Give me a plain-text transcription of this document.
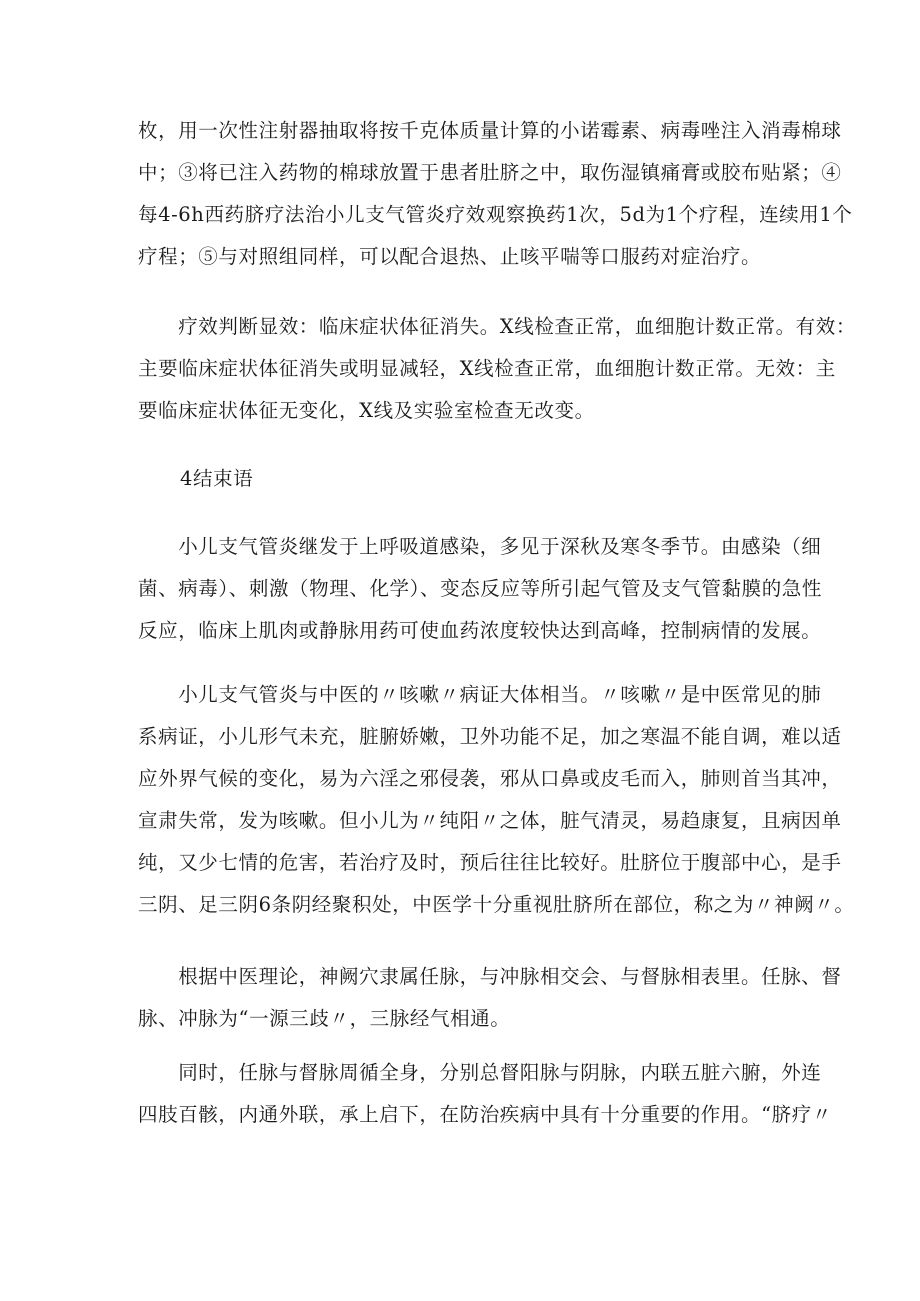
枚，用一次性注射器抽取将按千克体质量计算的小诺霉素、病毒唑注入消毒棉球
中；③将已注入药物的棉球放置于患者肚脐之中，取伤湿镇痛膏或胶布贴紧；④
每4-6h西药脐疗法治小儿支气管炎疗效观察换药1次，5d为1个疗程，连续用1个
疗程；⑤与对照组同样，可以配合退热、止咳平喘等口服药对症治疗。

　　疗效判断显效：临床症状体征消失。X线检查正常，血细胞计数正常。有效：
主要临床症状体征消失或明显减轻，X线检查正常，血细胞计数正常。无效：主
要临床症状体征无变化，X线及实验室检查无改变。

4结束语

　　小儿支气管炎继发于上呼吸道感染，多见于深秋及寒冬季节。由感染（细
菌、病毒）、刺激（物理、化学）、变态反应等所引起气管及支气管黏膜的急性
反应，临床上肌肉或静脉用药可使血药浓度较快达到高峰，控制病情的发展。

　　小儿支气管炎与中医的〃咳嗽〃病证大体相当。〃咳嗽〃是中医常见的肺
系病证，小儿形气未充，脏腑娇嫩，卫外功能不足，加之寒温不能自调，难以适
应外界气候的变化，易为六淫之邪侵袭，邪从口鼻或皮毛而入，肺则首当其冲，
宣肃失常，发为咳嗽。但小儿为〃纯阳〃之体，脏气清灵，易趋康复，且病因单
纯，又少七情的危害，若治疗及时，预后往往比较好。肚脐位于腹部中心，是手
三阴、足三阴6条阴经聚积处，中医学十分重视肚脐所在部位，称之为〃神阙〃。

　　根据中医理论，神阙穴隶属任脉，与冲脉相交会、与督脉相表里。任脉、督
脉、冲脉为“一源三歧〃，三脉经气相通。

　　同时，任脉与督脉周循全身，分别总督阳脉与阴脉，内联五脏六腑，外连
四肢百骸，内通外联，承上启下，在防治疾病中具有十分重要的作用。“脐疗〃
